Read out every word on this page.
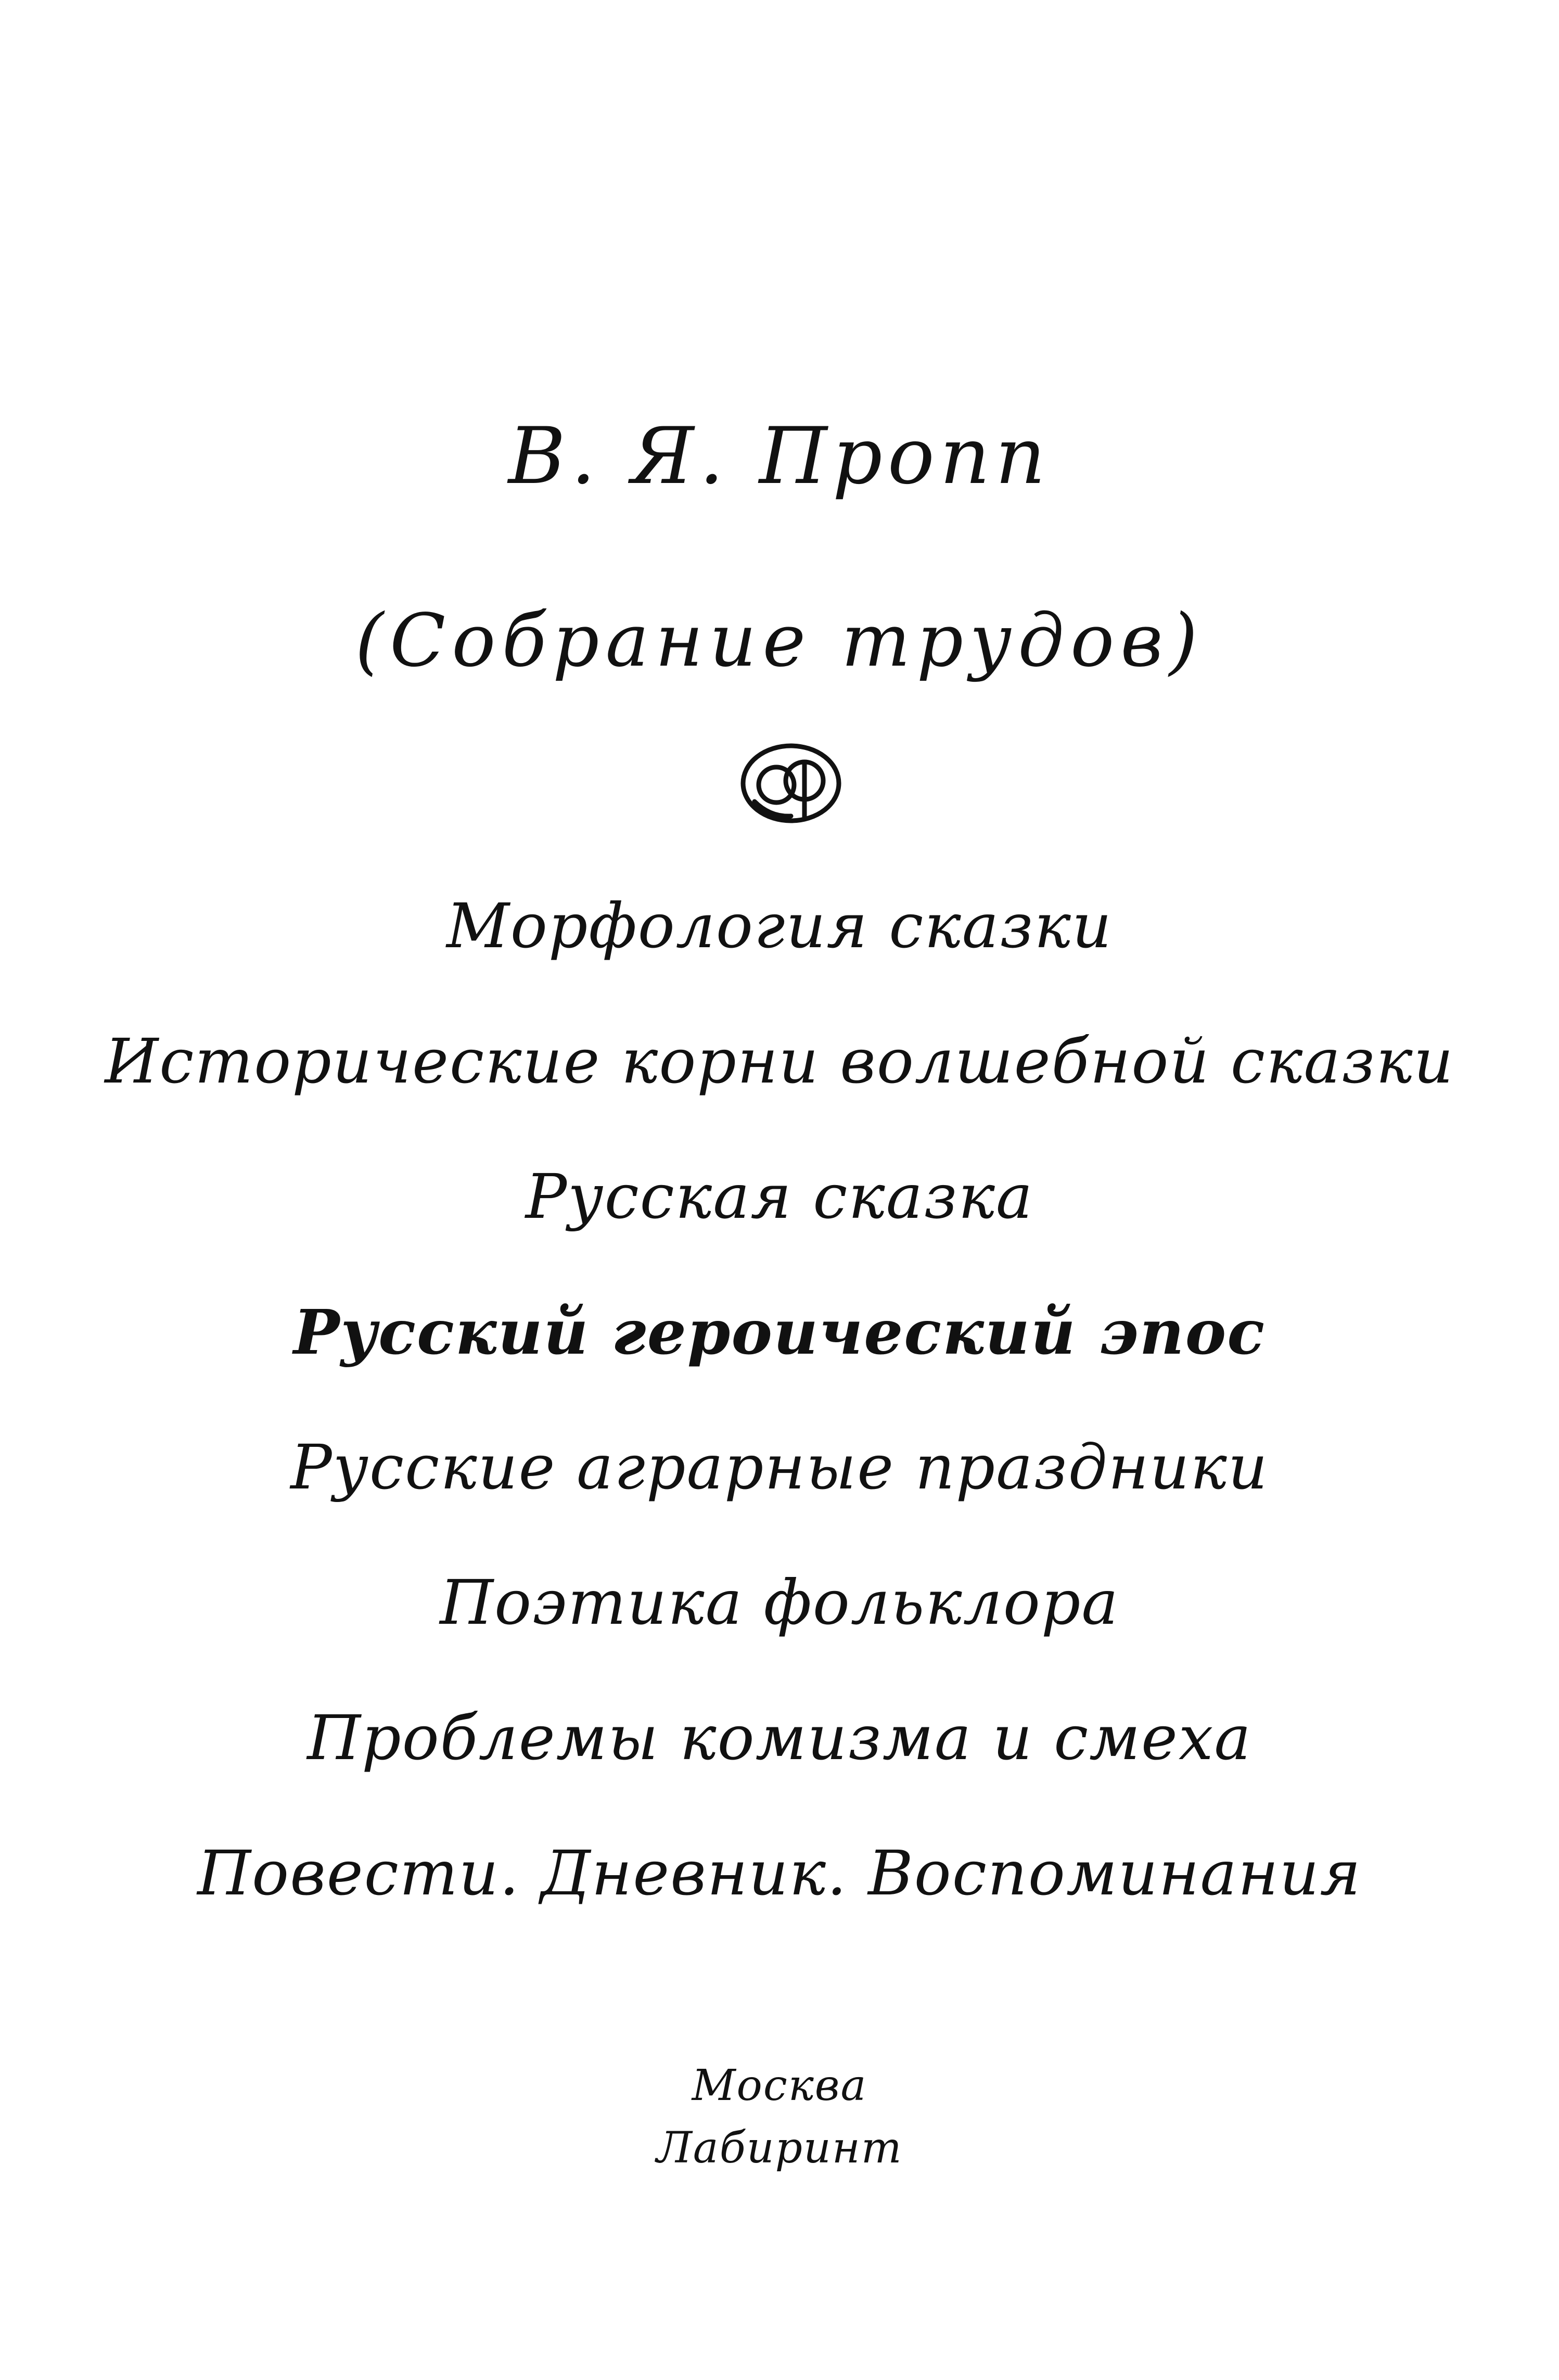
В. Я. Пропп
(Собрание трудов)
Морфология сказки
Исторические корни волшебной сказки
Русская сказка
Русский героический эпос
Русские аграрные праздники
Поэтика фольклора
Проблемы комизма и смеха
Повести. Дневник. Воспоминания
Москва
Лабиринт
